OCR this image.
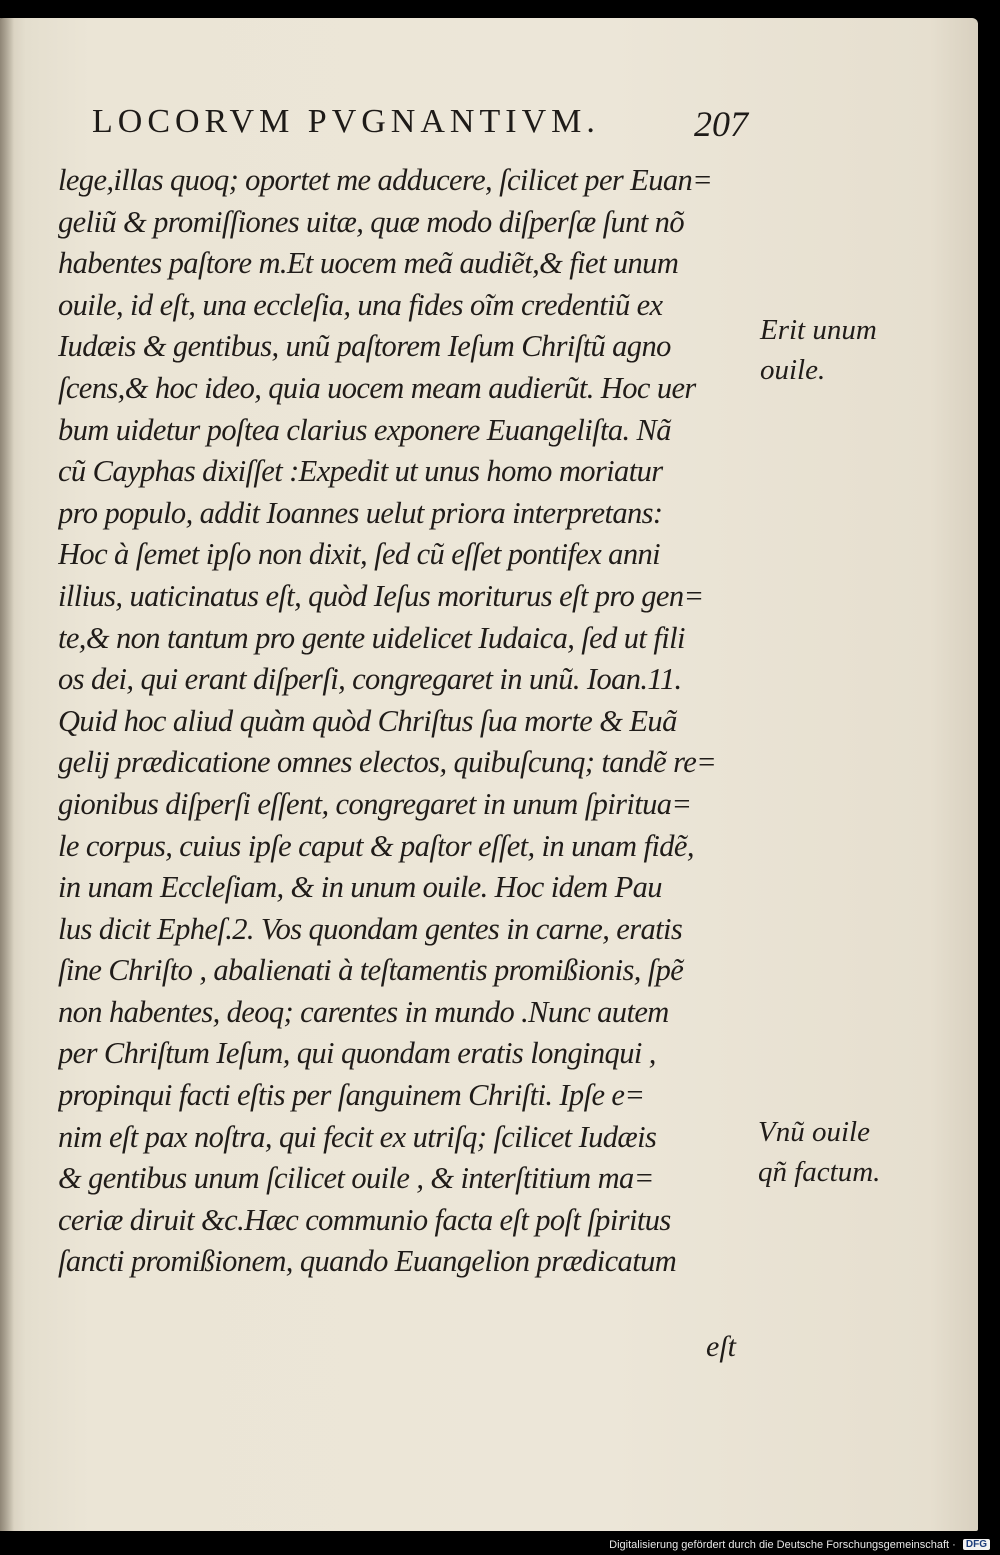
LOCORVM PVGNANTIVM.	207
lege,illas quoq; oportet me adducere, ſcilicet per Euan=
geliũ & promiſſiones uitæ, quæ modo diſperſæ ſunt nõ
habentes paſtore m.Et uocem meã audiẽt,& fiet unum
ouile, id eſt, una eccleſia, una fides oĩm credentiũ ex
Iudæis & gentibus, unũ paſtorem Ieſum Chriſtũ agno
ſcens,& hoc ideo, quia uocem meam audierũt. Hoc uer
bum uidetur poſtea clarius exponere Euangeliſta. Nã
cũ Cayphas dixiſſet :Expedit ut unus homo moriatur
pro populo, addit Ioannes uelut priora interpretans:
Hoc à ſemet ipſo non dixit, ſed cũ eſſet pontifex anni
illius, uaticinatus eſt, quòd Ieſus moriturus eſt pro gen=
te,& non tantum pro gente uidelicet Iudaica, ſed ut fili
os dei, qui erant diſperſi, congregaret in unũ. Ioan.11.
Quid hoc aliud quàm quòd Chriſtus ſua morte & Euã
gelij prædicatione omnes electos, quibuſcunq; tandẽ re=
gionibus diſperſi eſſent, congregaret in unum ſpiritua=
le corpus, cuius ipſe caput & paſtor eſſet, in unam fidẽ,
in unam Eccleſiam, & in unum ouile. Hoc idem Pau
lus dicit Epheſ.2. Vos quondam gentes in carne, eratis
ſine Chriſto , abalienati à teſtamentis promißionis, ſpẽ
non habentes, deoq; carentes in mundo .Nunc autem
per Chriſtum Ieſum, qui quondam eratis longinqui ,
propinqui facti eſtis per ſanguinem Chriſti. Ipſe e=
nim eſt pax noſtra, qui fecit ex utriſq; ſcilicet Iudæis
& gentibus unum ſcilicet ouile , & interſtitium ma=
ceriæ diruit &c.Hæc communio facta eſt poſt ſpiritus
ſancti promißionem, quando Euangelion prædicatum
eſt
Erit unum
ouile.
Vnũ ouile
qñ factum.
Digitalisierung gefördert durch die Deutsche Forschungsgemeinschaft · DFG
